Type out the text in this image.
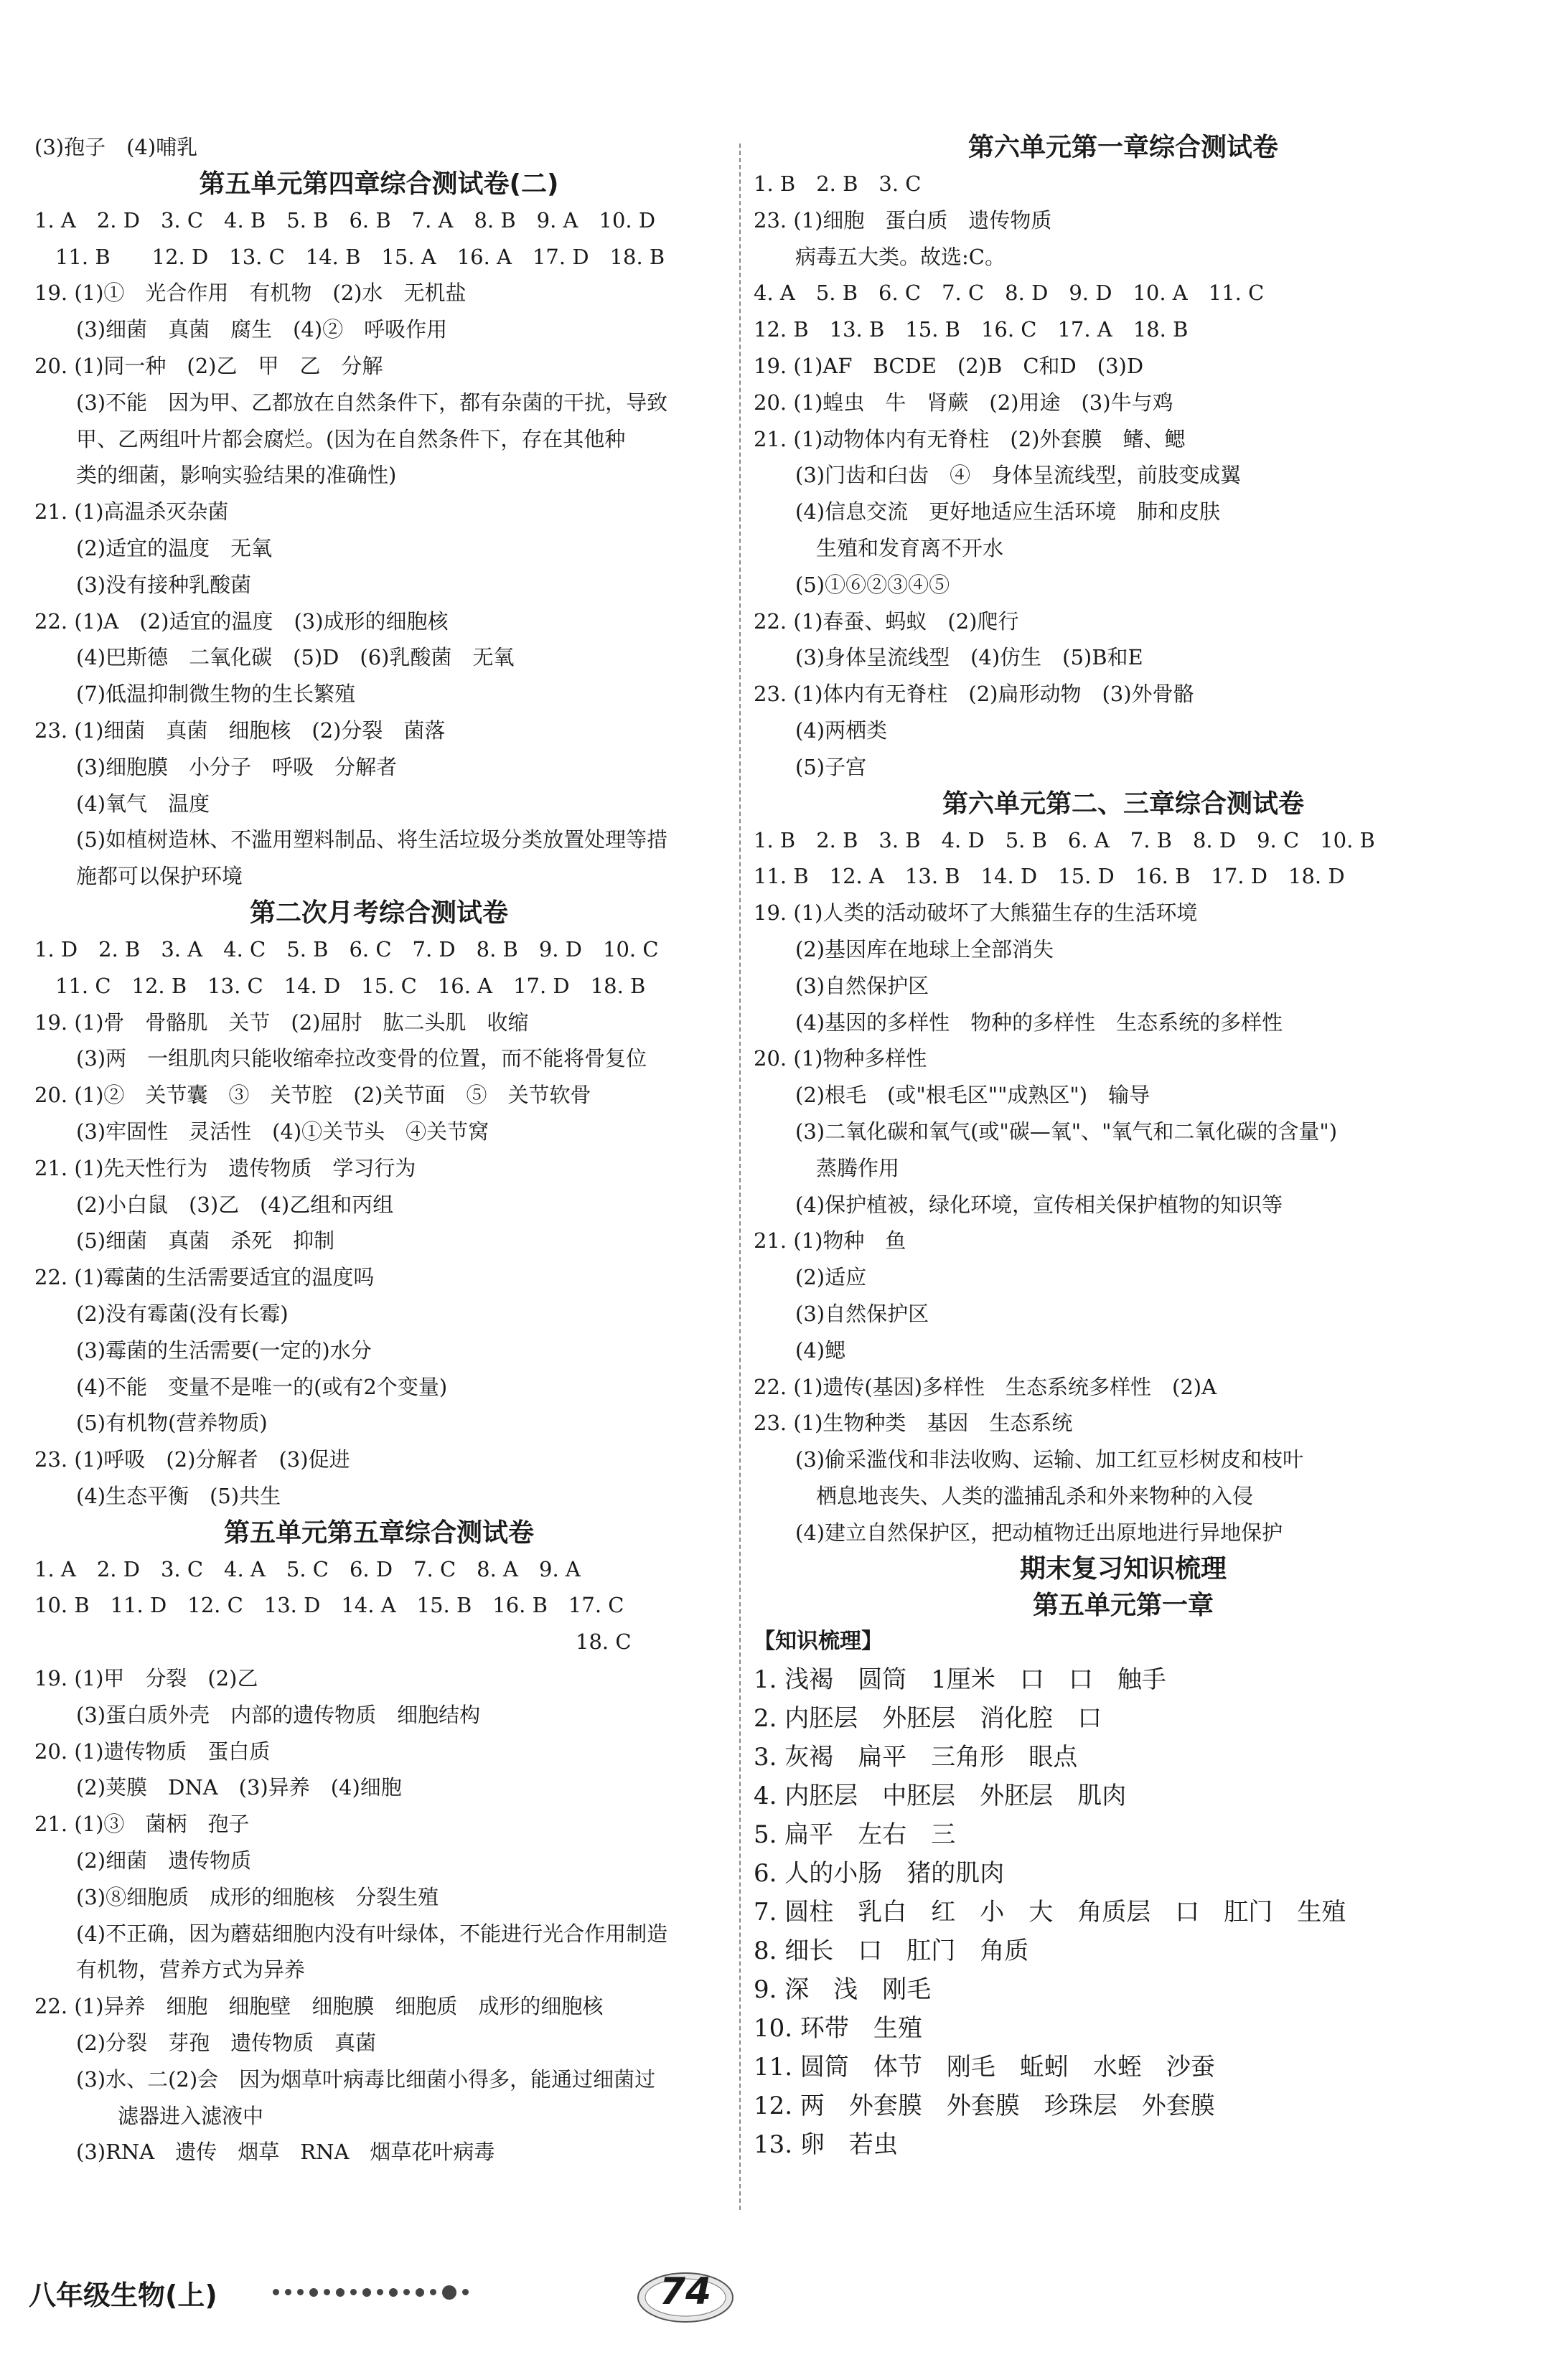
(3)孢子　(4)哺乳
第五单元第四章综合测试卷(二)
1. A　2. D　3. C　4. B　5. B　6. B　7. A　8. B　9. A　10. D
　11. B　　12. D　13. C　14. B　15. A　16. A　17. D　18. B
19. (1)①　光合作用　有机物　(2)水　无机盐
　　(3)细菌　真菌　腐生　(4)②　呼吸作用
20. (1)同一种　(2)乙　甲　乙　分解
　　(3)不能　因为甲、乙都放在自然条件下，都有杂菌的干扰，导致
　　甲、乙两组叶片都会腐烂。(因为在自然条件下，存在其他种
　　类的细菌，影响实验结果的准确性)
21. (1)高温杀灭杂菌
　　(2)适宜的温度　无氧
　　(3)没有接种乳酸菌
22. (1)A　(2)适宜的温度　(3)成形的细胞核
　　(4)巴斯德　二氧化碳　(5)D　(6)乳酸菌　无氧
　　(7)低温抑制微生物的生长繁殖
23. (1)细菌　真菌　细胞核　(2)分裂　菌落
　　(3)细胞膜　小分子　呼吸　分解者
　　(4)氧气　温度
　　(5)如植树造林、不滥用塑料制品、将生活垃圾分类放置处理等措
　　施都可以保护环境
第二次月考综合测试卷
1. D　2. B　3. A　4. C　5. B　6. C　7. D　8. B　9. D　10. C
　11. C　12. B　13. C　14. D　15. C　16. A　17. D　18. B
19. (1)骨　骨骼肌　关节　(2)屈肘　肱二头肌　收缩
　　(3)两　一组肌肉只能收缩牵拉改变骨的位置，而不能将骨复位
20. (1)②　关节囊　③　关节腔　(2)关节面　⑤　关节软骨
　　(3)牢固性　灵活性　(4)①关节头　④关节窝
21. (1)先天性行为　遗传物质　学习行为
　　(2)小白鼠　(3)乙　(4)乙组和丙组
　　(5)细菌　真菌　杀死　抑制
22. (1)霉菌的生活需要适宜的温度吗
　　(2)没有霉菌(没有长霉)
　　(3)霉菌的生活需要(一定的)水分
　　(4)不能　变量不是唯一的(或有2个变量)
　　(5)有机物(营养物质)
23. (1)呼吸　(2)分解者　(3)促进
　　(4)生态平衡　(5)共生
第五单元第五章综合测试卷
1. A　2. D　3. C　4. A　5. C　6. D　7. C　8. A　9. A
10. B　11. D　12. C　13. D　14. A　15. B　16. B　17. C
　　　　　　　　　　　　　　　　　　　　　　　　　　18. C
19. (1)甲　分裂　(2)乙
　　(3)蛋白质外壳　内部的遗传物质　细胞结构
20. (1)遗传物质　蛋白质
　　(2)荚膜　DNA　(3)异养　(4)细胞
21. (1)③　菌柄　孢子
　　(2)细菌　遗传物质
　　(3)⑧细胞质　成形的细胞核　分裂生殖
　　(4)不正确，因为蘑菇细胞内没有叶绿体，不能进行光合作用制造
　　有机物，营养方式为异养
22. (1)异养　细胞　细胞壁　细胞膜　细胞质　成形的细胞核
　　(2)分裂　芽孢　遗传物质　真菌
　　(3)水、二(2)会　因为烟草叶病毒比细菌小得多，能通过细菌过
　　　　滤器进入滤液中
　　(3)RNA　遗传　烟草　RNA　烟草花叶病毒
第六单元第一章综合测试卷
1. B　2. B　3. C
23. (1)细胞　蛋白质　遗传物质
　　病毒五大类。故选:C。
4. A　5. B　6. C　7. C　8. D　9. D　10. A　11. C
12. B　13. B　15. B　16. C　17. A　18. B
19. (1)AF　BCDE　(2)B　C和D　(3)D
20. (1)蝗虫　牛　肾蕨　(2)用途　(3)牛与鸡
21. (1)动物体内有无脊柱　(2)外套膜　鳍、鳃
　　(3)门齿和臼齿　④　身体呈流线型，前肢变成翼
　　(4)信息交流　更好地适应生活环境　肺和皮肤
　　　生殖和发育离不开水
　　(5)①⑥②③④⑤
22. (1)春蚕、蚂蚁　(2)爬行
　　(3)身体呈流线型　(4)仿生　(5)B和E
23. (1)体内有无脊柱　(2)扁形动物　(3)外骨骼
　　(4)两栖类
　　(5)子宫
第六单元第二、三章综合测试卷
1. B　2. B　3. B　4. D　5. B　6. A　7. B　8. D　9. C　10. B
11. B　12. A　13. B　14. D　15. D　16. B　17. D　18. D
19. (1)人类的活动破坏了大熊猫生存的生活环境
　　(2)基因库在地球上全部消失
　　(3)自然保护区
　　(4)基因的多样性　物种的多样性　生态系统的多样性
20. (1)物种多样性
　　(2)根毛　(或"根毛区""成熟区")　输导
　　(3)二氧化碳和氧气(或"碳—氧"、"氧气和二氧化碳的含量")
　　　蒸腾作用
　　(4)保护植被，绿化环境，宣传相关保护植物的知识等
21. (1)物种　鱼
　　(2)适应
　　(3)自然保护区
　　(4)鳃
22. (1)遗传(基因)多样性　生态系统多样性　(2)A
23. (1)生物种类　基因　生态系统
　　(3)偷采滥伐和非法收购、运输、加工红豆杉树皮和枝叶
　　　栖息地丧失、人类的滥捕乱杀和外来物种的入侵
　　(4)建立自然保护区，把动植物迁出原地进行异地保护
期末复习知识梳理
第五单元第一章
【知识梳理】
1. 浅褐　圆筒　1厘米　口　口　触手
2. 内胚层　外胚层　消化腔　口
3. 灰褐　扁平　三角形　眼点
4. 内胚层　中胚层　外胚层　肌肉
5. 扁平　左右　三
6. 人的小肠　猪的肌肉
7. 圆柱　乳白　红　小　大　角质层　口　肛门　生殖
8. 细长　口　肛门　角质
9. 深　浅　刚毛
10. 环带　生殖
11. 圆筒　体节　刚毛　蚯蚓　水蛭　沙蚕
12. 两　外套膜　外套膜　珍珠层　外套膜
13. 卵　若虫
八年级生物(上)	74
